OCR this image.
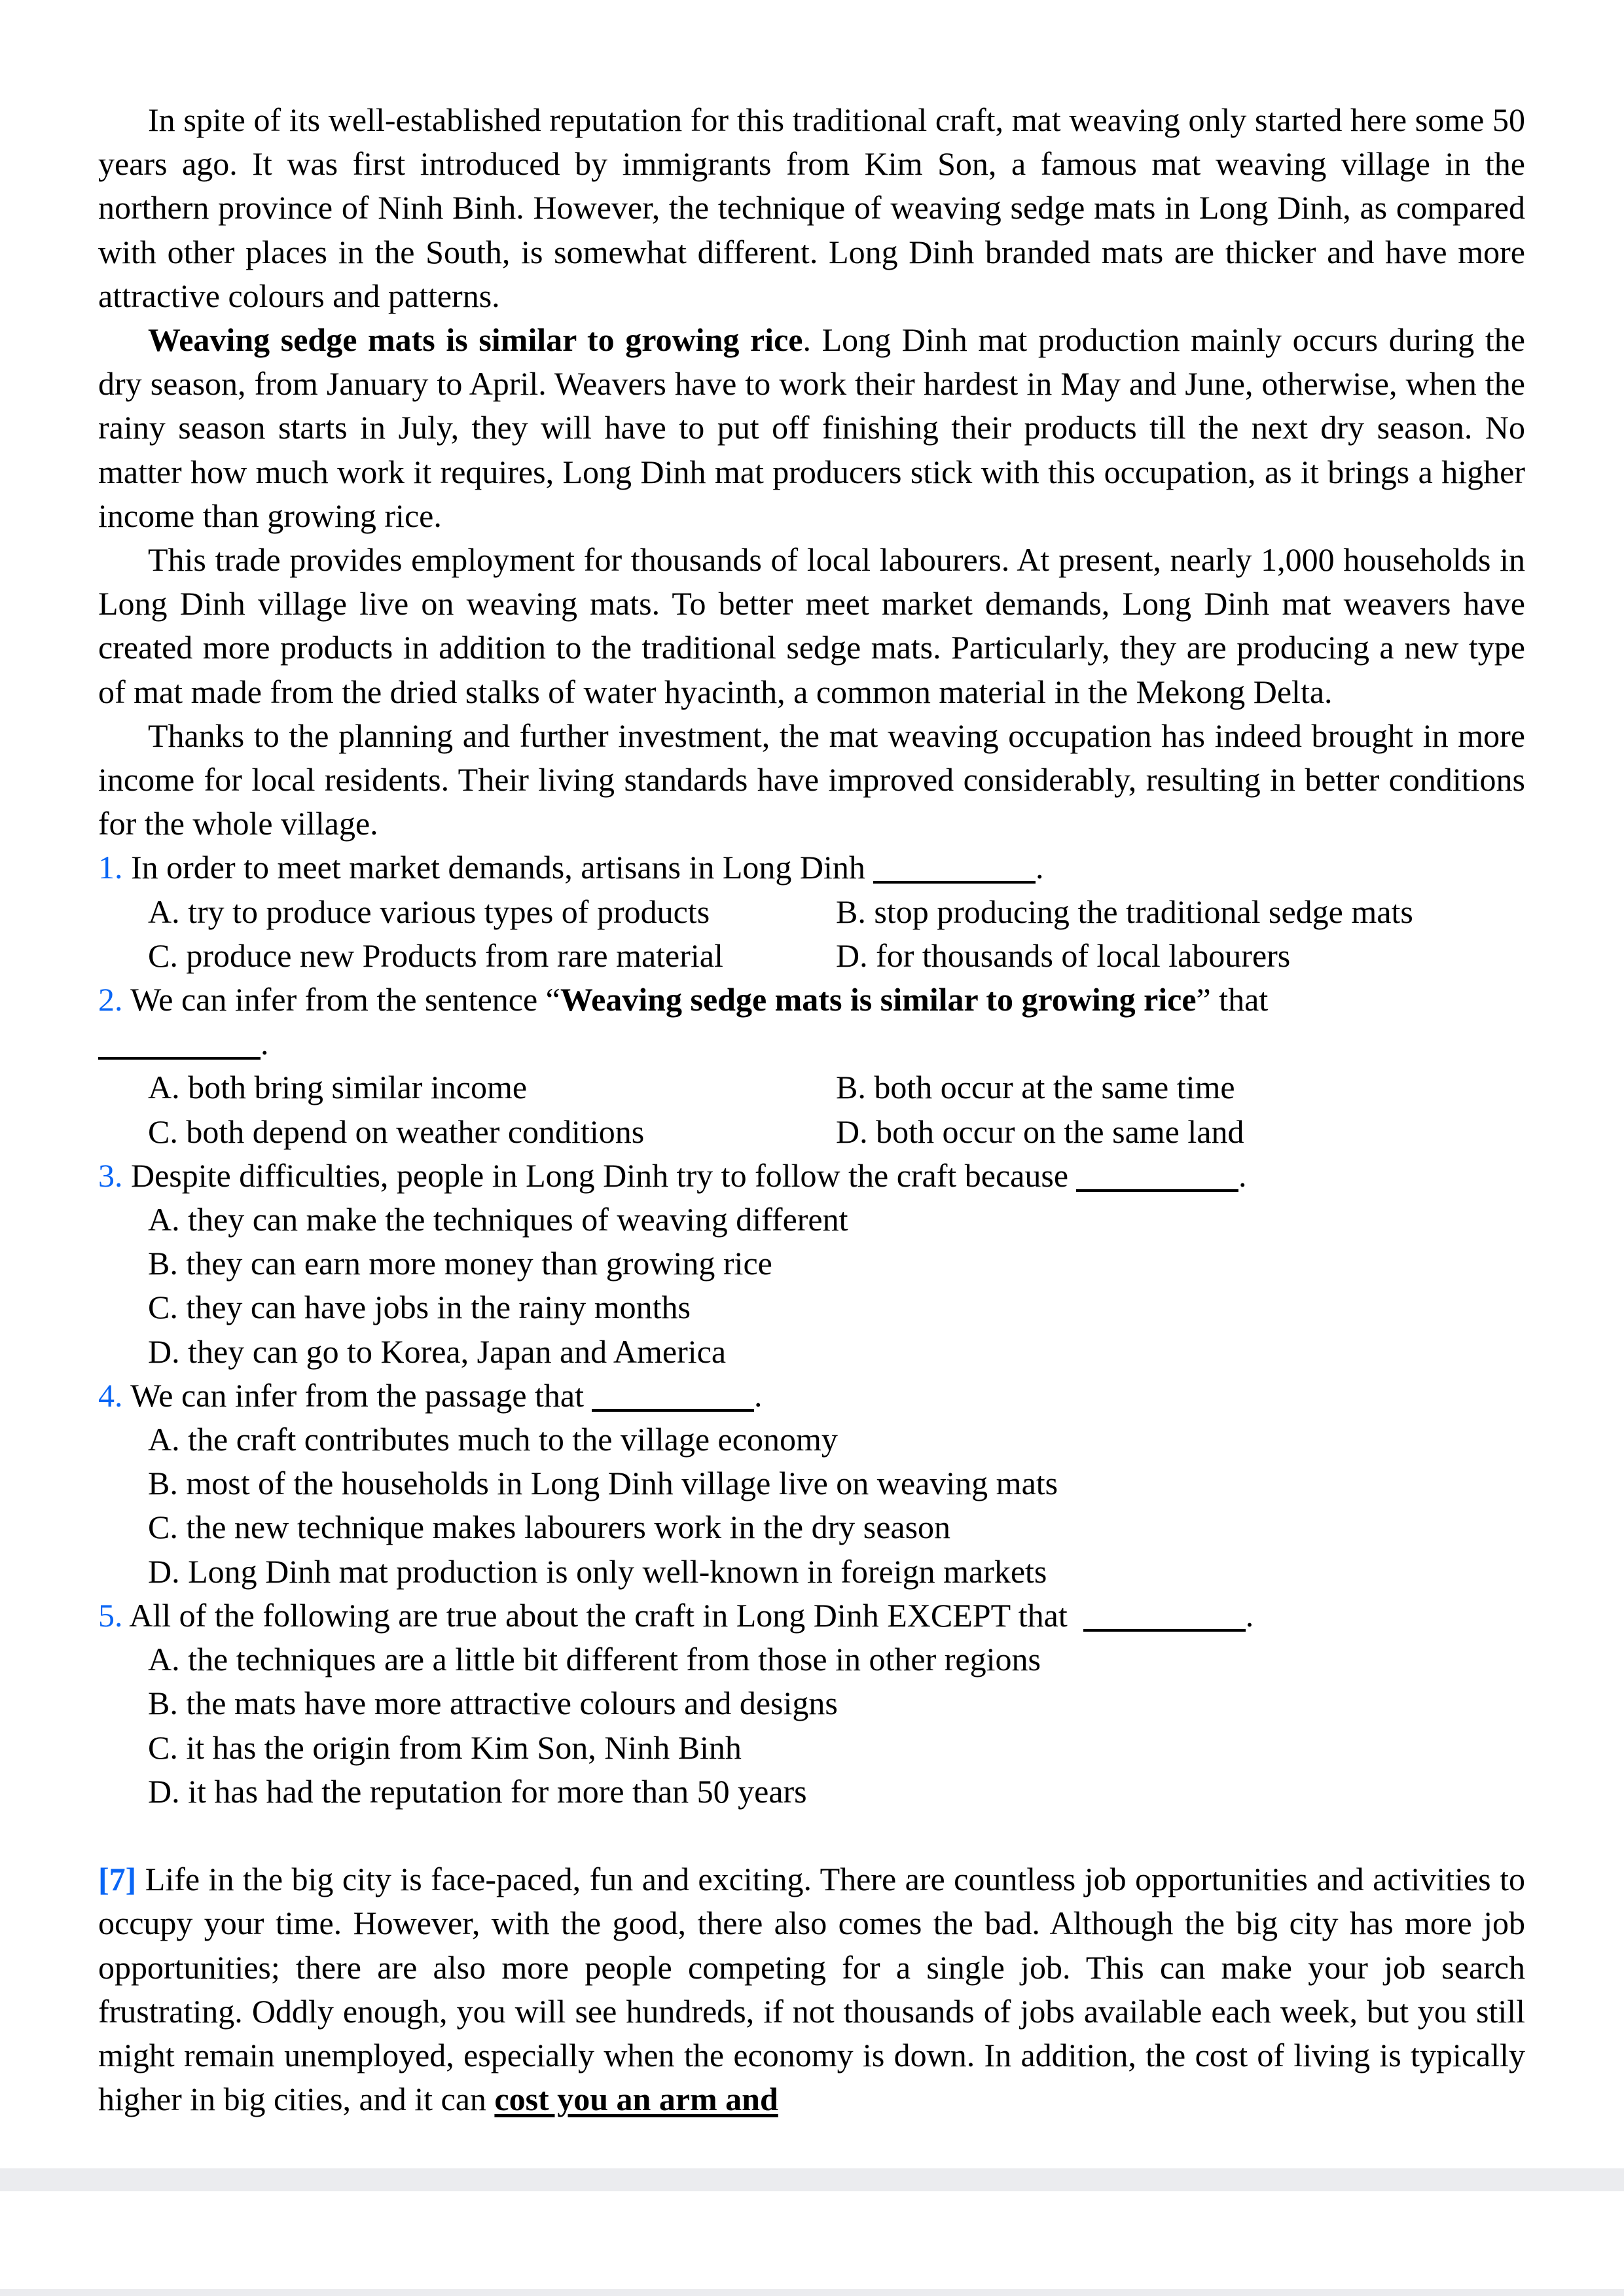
In spite of its well-established reputation for this traditional craft, mat weaving only started here some 50 years ago. It was first introduced by immigrants from Kim Son, a famous mat weaving village in the northern province of Ninh Binh. However, the technique of weaving sedge mats in Long Dinh, as compared with other places in the South, is somewhat different. Long Dinh branded mats are thicker and have more attractive colours and patterns.

Weaving sedge mats is similar to growing rice. Long Dinh mat production mainly occurs during the dry season, from January to April. Weavers have to work their hardest in May and June, otherwise, when the rainy season starts in July, they will have to put off finishing their products till the next dry season. No matter how much work it requires, Long Dinh mat producers stick with this occupation, as it brings a higher income than growing rice.

This trade provides employment for thousands of local labourers. At present, nearly 1,000 households in Long Dinh village live on weaving mats. To better meet market demands, Long Dinh mat weavers have created more products in addition to the traditional sedge mats. Particularly, they are producing a new type of mat made from the dried stalks of water hyacinth, a common material in the Mekong Delta.

Thanks to the planning and further investment, the mat weaving occupation has indeed brought in more income for local residents. Their living standards have improved considerably, resulting in better conditions for the whole village.

1. In order to meet market demands, artisans in Long Dinh	.
A. try to produce various types of products	B. stop producing the traditional sedge mats
C. produce new Products from rare material	D. for thousands of local labourers
2. We can infer from the sentence “Weaving sedge mats is similar to growing rice” that
.
A. both bring similar income	B. both occur at the same time
C. both depend on weather conditions	D. both occur on the same land
3. Despite difficulties, people in Long Dinh try to follow the craft because	.
A. they can make the techniques of weaving different
B. they can earn more money than growing rice
C. they can have jobs in the rainy months
D. they can go to Korea, Japan and America
4. We can infer from the passage that	.
A. the craft contributes much to the village economy
B. most of the households in Long Dinh village live on weaving mats
C. the new technique makes labourers work in the dry season
D. Long Dinh mat production is only well-known in foreign markets
5. All of the following are true about the craft in Long Dinh EXCEPT that	.
A. the techniques are a little bit different from those in other regions
B. the mats have more attractive colours and designs
C. it has the origin from Kim Son, Ninh Binh
D. it has had the reputation for more than 50 years

[7] Life in the big city is face-paced, fun and exciting. There are countless job opportunities and activities to occupy your time. However, with the good, there also comes the bad. Although the big city has more job opportunities; there are also more people competing for a single job. This can make your job search frustrating. Oddly enough, you will see hundreds, if not thousands of jobs available each week, but you still might remain unemployed, especially when the economy is down. In addition, the cost of living is typically higher in big cities, and it can cost you an arm and
